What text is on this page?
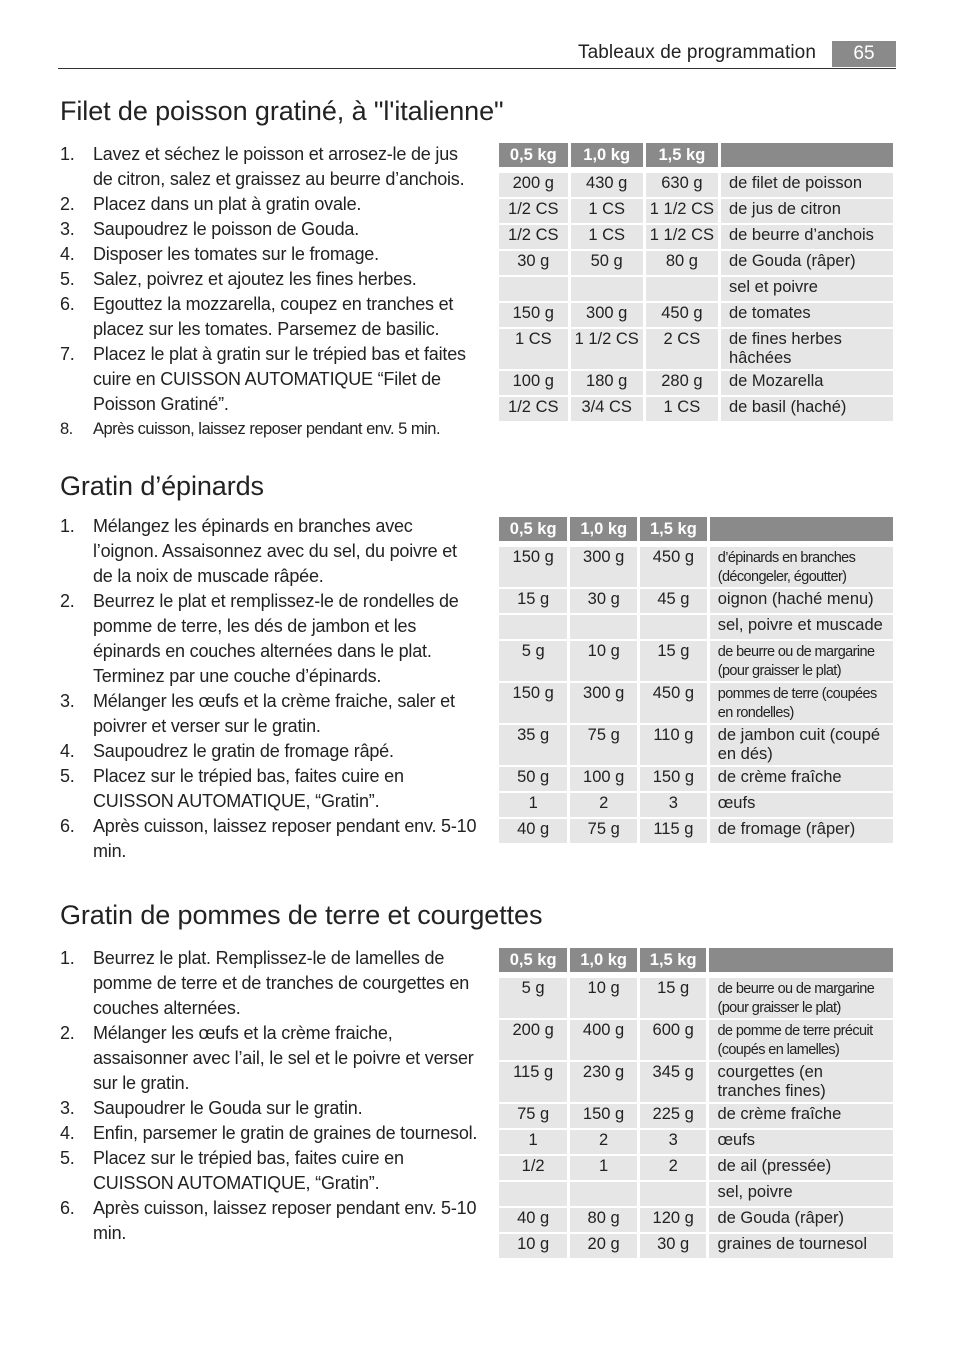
Tableaux de programmation	65
Filet de poisson gratiné, à "l'italienne"
1. Lavez et séchez le poisson et arrosez-le de jus de citron, salez et graissez au beurre d’anchois.
2. Placez dans un plat à gratin ovale.
3. Saupoudrez le poisson de Gouda.
4. Disposer les tomates sur le fromage.
5. Salez, poivrez et ajoutez les fines herbes.
6. Egouttez la mozzarella, coupez en tranches et placez sur les tomates. Parsemez de basilic.
7. Placez le plat à gratin sur le trépied bas et faites cuire en CUISSON AUTOMATIQUE “Filet de Poisson Gratiné”.
8. Après cuisson, laissez reposer pendant env. 5 min.
0,5 kg	1,0 kg	1,5 kg	

200 g	430 g	630 g	de filet de poisson
1/2 CS	1 CS	1 1/2 CS	de jus de citron
1/2 CS	1 CS	1 1/2 CS	de beurre d’anchois
30 g	50 g	80 g	de Gouda (râper)
			sel et poivre
150 g	300 g	450 g	de tomates
1 CS	1 1/2 CS	2 CS	de fines herbes hâchées
100 g	180 g	280 g	de Mozarella
1/2 CS	3/4 CS	1 CS	de basil (haché)
Gratin d’épinards
1. Mélangez les épinards en branches avec l’oignon. Assaisonnez avec du sel, du poivre et de la noix de muscade râpée.
2. Beurrez le plat et remplissez-le de rondelles de pomme de terre, les dés de jambon et les épinards en couches alternées dans le plat. Terminez par une couche d’épinards.
3. Mélanger les œufs et la crème fraiche, saler et poivrer et verser sur le gratin.
4. Saupoudrez le gratin de fromage râpé.
5. Placez sur le trépied bas, faites cuire en CUISSON AUTOMATIQUE, “Gratin”.
6. Après cuisson, laissez reposer pendant env. 5-10 min.
0,5 kg	1,0 kg	1,5 kg	

150 g	300 g	450 g	d’épinards en branches (décongeler, égoutter)
15 g	30 g	45 g	oignon (haché menu)
			sel, poivre et muscade
5 g	10 g	15 g	de beurre ou de margarine (pour graisser le plat)
150 g	300 g	450 g	pommes de terre (coupées en rondelles)
35 g	75 g	110 g	de jambon cuit (coupé en dés)
50 g	100 g	150 g	de crème fraîche
1	2	3	œufs
40 g	75 g	115 g	de fromage (râper)
Gratin de pommes de terre et courgettes
1. Beurrez le plat. Remplissez-le de lamelles de pomme de terre et de tranches de courgettes en couches alternées.
2. Mélanger les œufs et la crème fraiche, assaisonner avec l’ail, le sel et le poivre et verser sur le gratin.
3. Saupoudrer le Gouda sur le gratin.
4. Enfin, parsemer le gratin de graines de tournesol.
5. Placez sur le trépied bas, faites cuire en CUISSON AUTOMATIQUE, “Gratin”.
6. Après cuisson, laissez reposer pendant env. 5-10 min.
0,5 kg	1,0 kg	1,5 kg	

5 g	10 g	15 g	de beurre ou de margarine (pour graisser le plat)
200 g	400 g	600 g	de pomme de terre précuit (coupés en lamelles)
115 g	230 g	345 g	courgettes (en tranches fines)
75 g	150 g	225 g	de crème fraîche
1	2	3	œufs
1/2	1	2	de ail (pressée)
			sel, poivre
40 g	80 g	120 g	de Gouda (râper)
10 g	20 g	30 g	graines de tournesol
